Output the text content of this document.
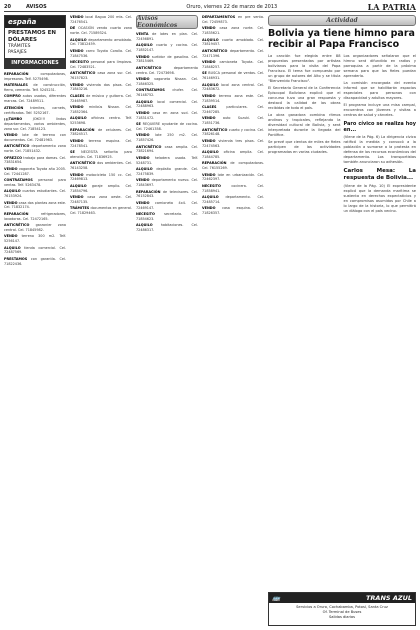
20	AVISOS	Oruro, viernes 22 de marzo de 2013	LA PATRIA
españa
PRESTAMOS EN DÓLARES
TRÁMITES
PASAJES
INFORMACIONES

REPARACIÓN computadoras, impresoras. Telf. 5275498.

MATERIALES de construcción, fierro, cemento. Telf. 5245231.

COMPRO autos usados, diferentes marcas. Cel. 72489511.

ATENCIÓN trámites, carnets, certificados. Telf. 5252167.

¡¡¡TAMBO JOKO!!! lindos departamentos, varios ambientes, zona sur. Cel. 71854123.

VENDO lote de terreno con documentos. Cel. 72481963.

ANTICRÉTICO departamento zona norte. Cel. 71851432.

OFREZCO trabajo para damas. Cel. 73831654.

VENDO vagoneta Toyota año 2005. Cel. 72441287.

CONTRATAMOS personal para ventas. Telf. 5263478.

ALQUILO cuartos estudiantes. Cel. 76153924.

VENDO casa dos plantas zona este. Cel. 71832174.

REPARACIÓN refrigeradores, lavadoras. Cel. 72472165.

ANTICRÉTICO garzonier zona central. Cel. 71845982.

VENDO terreno 300 m2. Telf. 5256147.

ALQUILO tienda comercial. Cel. 72487569.

PRESTAMOS con garantía. Cel. 71822436.

VENDO local Bagua 200 mts. Cel. 72476541.

DE OCASIÓN vendo cuarto zona norte. Cel. 71589324.

ALQUILO departamento amoblado. Cel. 73812459.

VENDO carro Toyota Corolla. Cel. 71847536.

NECESITO personal para limpieza. Cel. 72483521.

ANTICRÉTICO casa zona sur. Cel. 76157823.

VENDO vivienda dos pisos. Cel. 71843216.

CLASES de música y guitarra. Cel. 72465987.

VENDO minibús Nissan. Cel. 71852364.

ALQUILO oficinas centro. Telf. 5253698.

REPARACIÓN de celulares. Cel. 73824517.

VENDO terreno esquina. Cel. 72478541.

SE NECESITA señorita para atención. Cel. 71836925.

ANTICRÉTICO dos ambientes. Cel. 76143258.

VENDO motocicleta 150 cc. Cel. 72469813.

ALQUILO garaje amplio. Cel. 71854796.

VENDO casa zona oeste. Cel. 72487135.

TRÁMITES documentos en general. Cel. 71829463.

Avisos Económicos

VENTA de lotes en plan. Cel. 72456891.

ALQUILO cuarto y cocina. Cel. 71852147.

VENDO surtidor de gasolina. Cel. 73815469.

ANTICRÉTICO departamento centro. Cel. 72473698.

VENDO vagoneta Nissan. Cel. 71846325.

CONTRATAMOS chofer. Cel. 76148752.

ALQUILO local comercial. Cel. 72488963.

VENDO casa en zona sud. Cel. 71831472.

SE REQUIERE ayudante de cocina. Cel. 72461358.

VENDO lote 250 m2. Cel. 71857426.

ANTICRÉTICO casa amplia. Cel. 73821694.

VENDO heladera usada. Telf. 5248731.

ALQUILO depósito grande. Cel. 72475839.

VENDO departamento nuevo. Cel. 71843697.

REPARACIÓN de televisores. Cel. 76152843.

VENDO camioneta 4x4. Cel. 72469147.

NECESITO secretaria. Cel. 71854623.

ALQUILO habitaciones. Cel. 72486317.

DEPARTAMENTOS en pre venta. Cel. 72459873.

VENDO casa zona norte. Cel. 71835621.

ALQUILO cuarto amoblado. Cel. 73819457.

ANTICRÉTICO departamento. Cel. 72471396.

VENDO camioneta Toyota. Cel. 71848257.

SE BUSCA personal de ventas. Cel. 76146931.

ALQUILO local zona central. Cel. 72483672.

VENDO terreno zona este. Cel. 71839514.

CLASES particulares. Cel. 72467285.

VENDO auto Suzuki. Cel. 71851736.

ANTICRÉTICO cuarto y cocina. Cel. 73826148.

VENDO vivienda tres pisos. Cel. 72474563.

ALQUILO oficina amplia. Cel. 71844785.

REPARACIÓN de computadoras. Cel. 76155269.

VENDO lote en urbanización. Cel. 72462397.

NECESITO cocinera. Cel. 71858941.

ALQUILO departamento. Cel. 72485714.

VENDO casa esquina. Cel. 71826357.

Actividad
Bolivia ya tiene himno para recibir al Papa Francisco

La canción fue elegida entre 88 propuestas presentadas por artistas bolivianos para la visita del Papa Francisco. El tema fue compuesto por un grupo de autores del Alto y se titula "Bienvenido Francisco".

El Secretario General de la Conferencia Episcopal Boliviana explicó que el concurso tuvo una gran respuesta y destacó la calidad de las obras recibidas de todo el país.

La obra ganadora combina ritmos andinos y tropicales, reflejando la diversidad cultural de Bolivia, y será interpretada durante la llegada del Pontífice.

Se prevé que cientos de miles de fieles participen de las actividades programadas en varias ciudades.

Los organizadores señalaron que el himno será difundido en radios y parroquias a partir de la próxima semana para que los fieles puedan aprenderlo.

La comisión encargada del evento informó que se habilitarán espacios especiales para personas con discapacidad y adultos mayores.

El programa incluye una misa campal, encuentros con jóvenes y visitas a centros de salud y cárceles.

Paro cívico se realiza hoy en...

(Viene de la Pág. 6) La dirigencia cívica ratificó la medida y convocó a la población a sumarse a la protesta en defensa de los recursos económicos del departamento. Los transportistas también anunciaron su adhesión.

Carlos Mesa: La respuesta de Bolivia...

(Viene de la Pág. 10) El expresidente explicó que la demanda marítima se sustenta en derechos expectaticios y en compromisos asumidos por Chile a lo largo de la historia, lo que permitirá un diálogo con el país vecino.

🚌	TRANS AZUL
Servicios a Oruro, Cochabamba, Potosí, Santa Cruz
Of. Terminal de Buses
Salidas diarias
